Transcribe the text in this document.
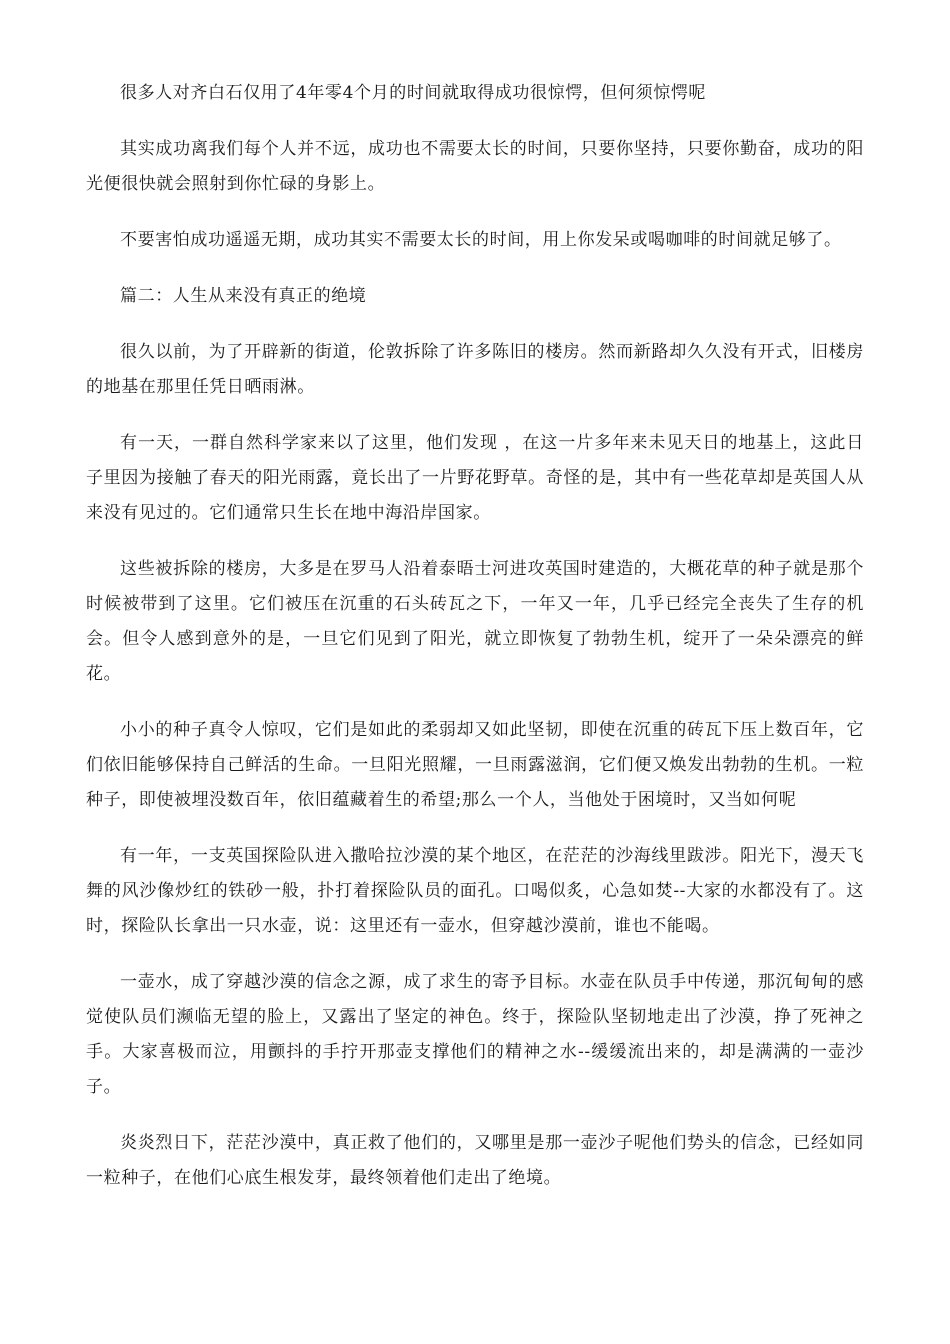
很多人对齐白石仅用了4年零4个月的时间就取得成功很惊愕，但何须惊愕呢

其实成功离我们每个人并不远，成功也不需要太长的时间，只要你坚持，只要你勤奋，成功的阳光便很快就会照射到你忙碌的身影上。

不要害怕成功遥遥无期，成功其实不需要太长的时间，用上你发呆或喝咖啡的时间就足够了。

篇二：人生从来没有真正的绝境

很久以前，为了开辟新的街道，伦敦拆除了许多陈旧的楼房。然而新路却久久没有开式，旧楼房的地基在那里任凭日晒雨淋。

有一天，一群自然科学家来以了这里，他们发现 ，在这一片多年来未见天日的地基上，这此日子里因为接触了春天的阳光雨露，竟长出了一片野花野草。奇怪的是，其中有一些花草却是英国人从来没有见过的。它们通常只生长在地中海沿岸国家。

这些被拆除的楼房，大多是在罗马人沿着泰晤士河进攻英国时建造的，大概花草的种子就是那个时候被带到了这里。它们被压在沉重的石头砖瓦之下，一年又一年，几乎已经完全丧失了生存的机会。但令人感到意外的是，一旦它们见到了阳光，就立即恢复了勃勃生机，绽开了一朵朵漂亮的鲜花。

小小的种子真令人惊叹，它们是如此的柔弱却又如此坚韧，即使在沉重的砖瓦下压上数百年，它们依旧能够保持自己鲜活的生命。一旦阳光照耀，一旦雨露滋润，它们便又焕发出勃勃的生机。一粒种子，即使被埋没数百年，依旧蕴藏着生的希望;那么一个人，当他处于困境时，又当如何呢

有一年，一支英国探险队进入撒哈拉沙漠的某个地区，在茫茫的沙海线里跋涉。阳光下，漫天飞舞的风沙像炒红的铁砂一般，扑打着探险队员的面孔。口喝似炙，心急如焚--大家的水都没有了。这时，探险队长拿出一只水壶，说：这里还有一壶水，但穿越沙漠前，谁也不能喝。

一壶水，成了穿越沙漠的信念之源，成了求生的寄予目标。水壶在队员手中传递，那沉甸甸的感觉使队员们濒临无望的脸上，又露出了坚定的神色。终于，探险队坚韧地走出了沙漠，挣了死神之手。大家喜极而泣，用颤抖的手拧开那壶支撑他们的精神之水--缓缓流出来的，却是满满的一壶沙子。

炎炎烈日下，茫茫沙漠中，真正救了他们的，又哪里是那一壶沙子呢他们势头的信念，已经如同一粒种子，在他们心底生根发芽，最终领着他们走出了绝境。
